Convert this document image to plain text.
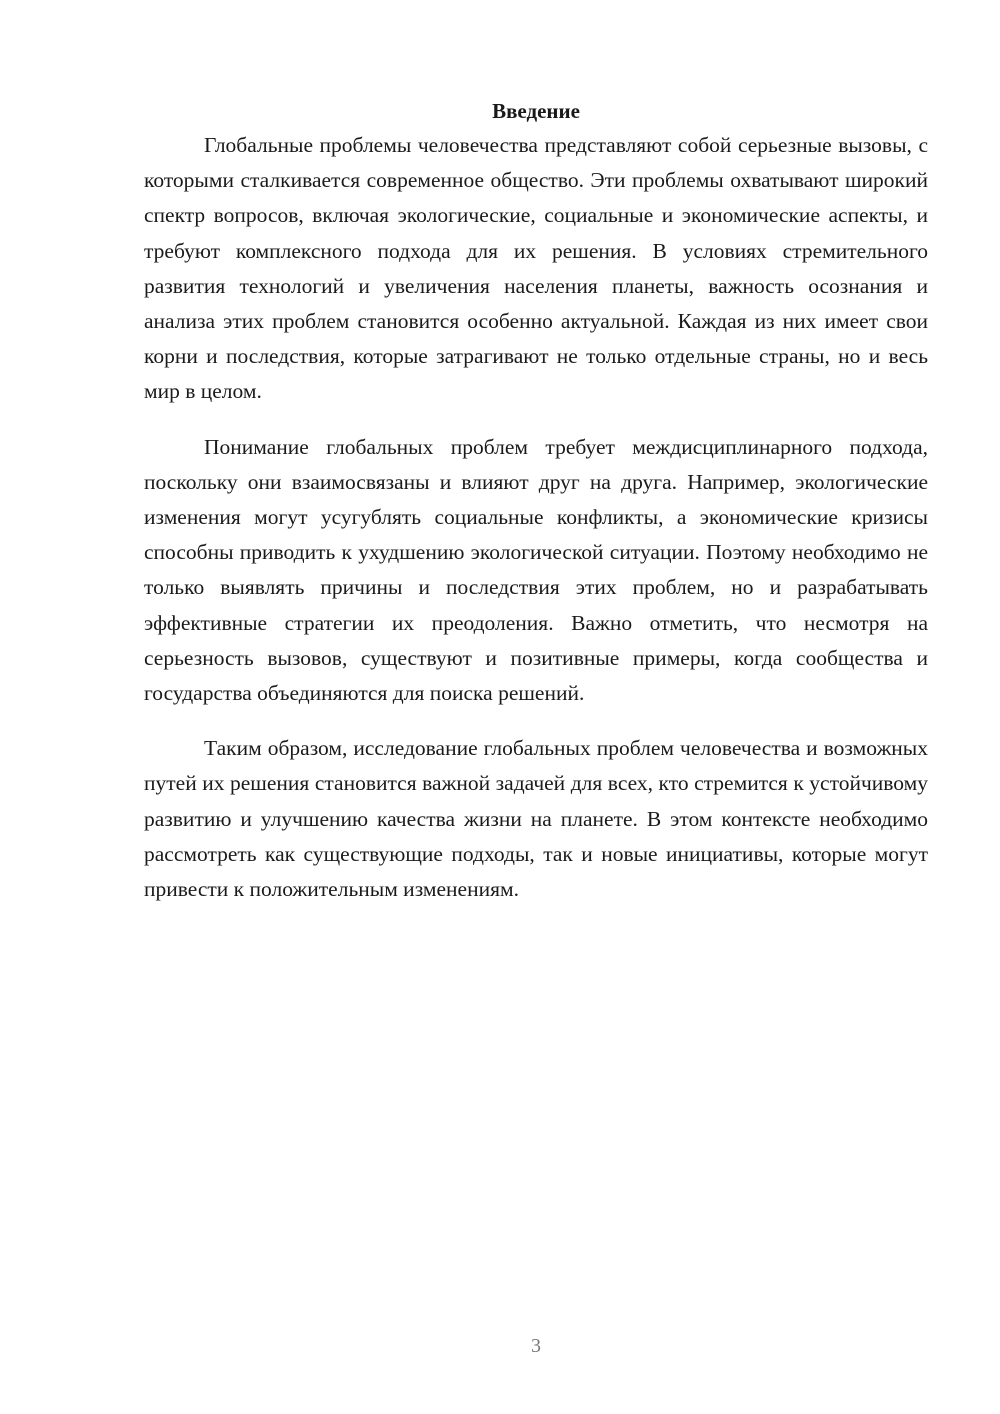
Введение

Глобальные проблемы человечества представляют собой серьезные вызовы, с которыми сталкивается современное общество. Эти проблемы охватывают широкий спектр вопросов, включая экологические, социальные и экономические аспекты, и требуют комплексного подхода для их решения. В условиях стремительного развития технологий и увеличения населения планеты, важность осознания и анализа этих проблем становится особенно актуальной. Каждая из них имеет свои корни и последствия, которые затрагивают не только отдельные страны, но и весь мир в целом.

Понимание глобальных проблем требует междисциплинарного подхода, поскольку они взаимосвязаны и влияют друг на друга. Например, экологические изменения могут усугублять социальные конфликты, а экономические кризисы способны приводить к ухудшению экологической ситуации. Поэтому необходимо не только выявлять причины и последствия этих проблем, но и разрабатывать эффективные стратегии их преодоления. Важно отметить, что несмотря на серьезность вызовов, существуют и позитивные примеры, когда сообщества и государства объединяются для поиска решений.

Таким образом, исследование глобальных проблем человечества и возможных путей их решения становится важной задачей для всех, кто стремится к устойчивому развитию и улучшению качества жизни на планете. В этом контексте необходимо рассмотреть как существующие подходы, так и новые инициативы, которые могут привести к положительным изменениям.

3
